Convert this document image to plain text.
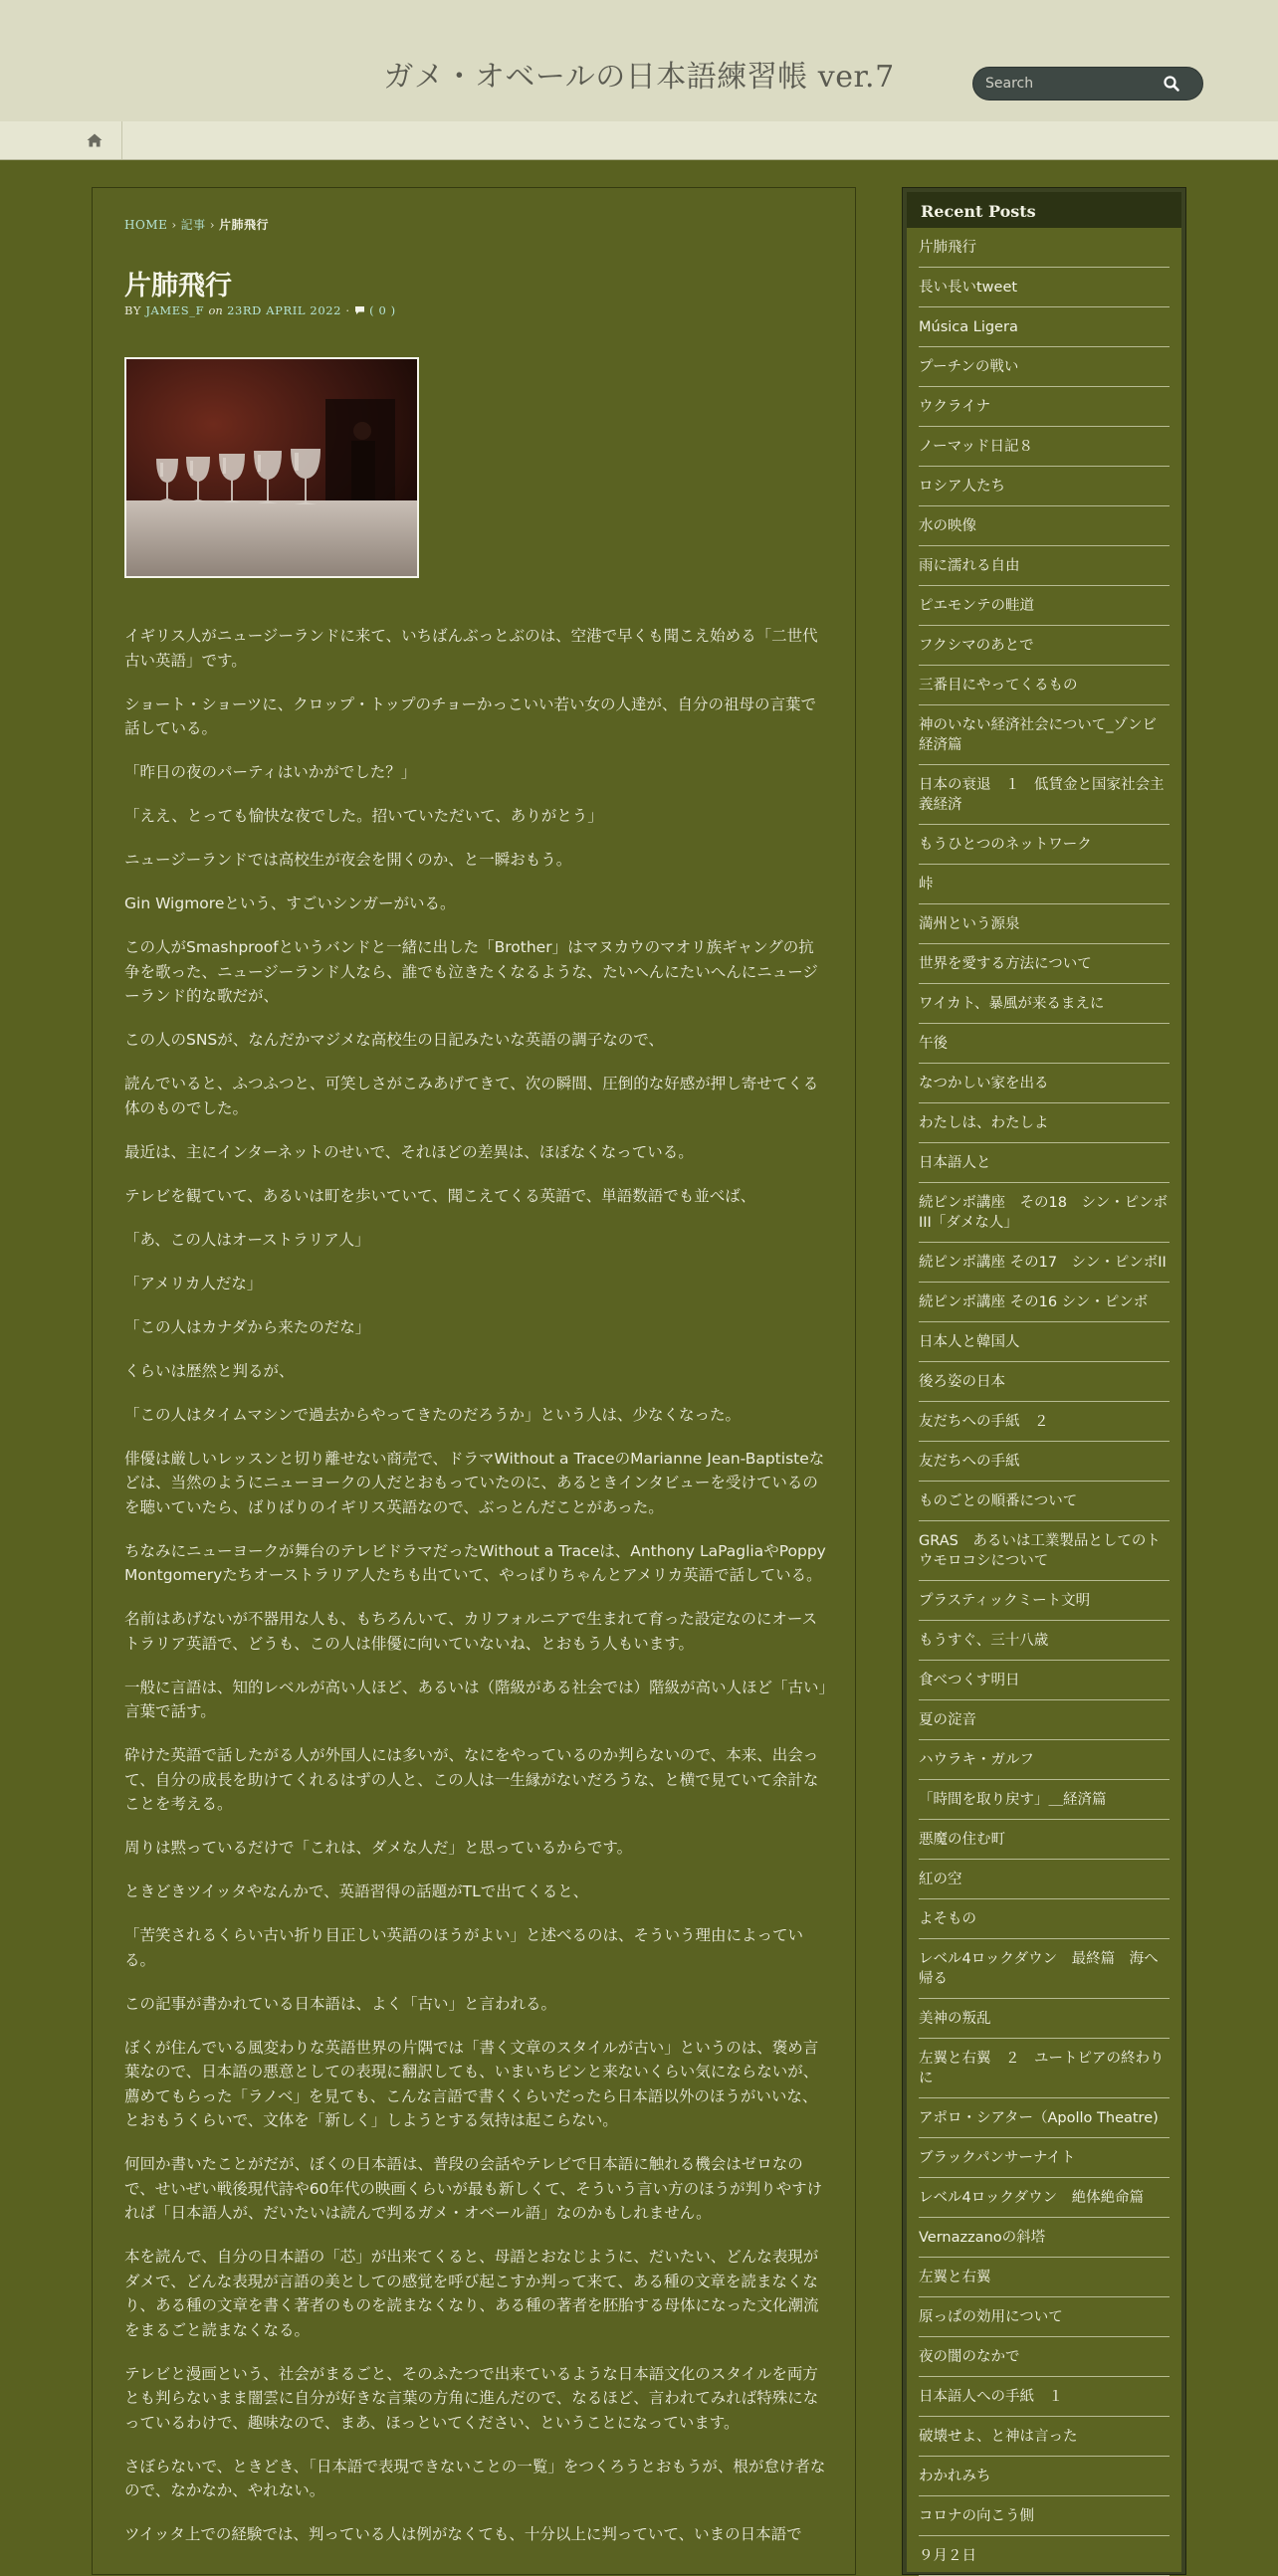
ガメ・オベールの日本語練習帳 ver.7
Search
HOME › 記事 › 片肺飛行
片肺飛行
BY JAMES_F on 23RD APRIL 2022 · ( 0 )

イギリス人がニュージーランドに来て、いちばんぶっとぶのは、空港で早くも聞こえ始める「二世代古い英語」です。

ショート・ショーツに、クロップ・トップのチョーかっこいい若い女の人達が、自分の祖母の言葉で話している。

「昨日の夜のパーティはいかがでした？」

「ええ、とっても愉快な夜でした。招いていただいて、ありがとう」

ニュージーランドでは高校生が夜会を開くのか、と一瞬おもう。

Gin Wigmoreという、すごいシンガーがいる。

この人がSmashproofというバンドと一緒に出した「Brother」はマヌカウのマオリ族ギャングの抗争を歌った、ニュージーランド人なら、誰でも泣きたくなるような、たいへんにたいへんにニュージーランド的な歌だが、

この人のSNSが、なんだかマジメな高校生の日記みたいな英語の調子なので、

読んでいると、ふつふつと、可笑しさがこみあげてきて、次の瞬間、圧倒的な好感が押し寄せてくる体のものでした。

最近は、主にインターネットのせいで、それほどの差異は、ほぼなくなっている。

テレビを観ていて、あるいは町を歩いていて、聞こえてくる英語で、単語数語でも並べば、

「あ、この人はオーストラリア人」

「アメリカ人だな」

「この人はカナダから来たのだな」

くらいは歴然と判るが、

「この人はタイムマシンで過去からやってきたのだろうか」という人は、少なくなった。

俳優は厳しいレッスンと切り離せない商売で、ドラマWithout a TraceのMarianne Jean-Baptisteなどは、当然のようにニューヨークの人だとおもっていたのに、あるときインタビューを受けているのを聴いていたら、ばりばりのイギリス英語なので、ぶっとんだことがあった。

ちなみにニューヨークが舞台のテレビドラマだったWithout a Traceは、Anthony LaPagliaやPoppy Montgomeryたちオーストラリア人たちも出ていて、やっぱりちゃんとアメリカ英語で話している。

名前はあげないが不器用な人も、もちろんいて、カリフォルニアで生まれて育った設定なのにオーストラリア英語で、どうも、この人は俳優に向いていないね、とおもう人もいます。

一般に言語は、知的レベルが高い人ほど、あるいは（階級がある社会では）階級が高い人ほど「古い」言葉で話す。

砕けた英語で話したがる人が外国人には多いが、なにをやっているのか判らないので、本来、出会って、自分の成長を助けてくれるはずの人と、この人は一生縁がないだろうな、と横で見ていて余計なことを考える。

周りは黙っているだけで「これは、ダメな人だ」と思っているからです。

ときどきツイッタやなんかで、英語習得の話題がTLで出てくると、

「苦笑されるくらい古い折り目正しい英語のほうがよい」と述べるのは、そういう理由によっている。

この記事が書かれている日本語は、よく「古い」と言われる。

ぼくが住んでいる風変わりな英語世界の片隅では「書く文章のスタイルが古い」というのは、褒め言葉なので、日本語の悪意としての表現に翻訳しても、いまいちピンと来ないくらい気にならないが、薦めてもらった「ラノベ」を見ても、こんな言語で書くくらいだったら日本語以外のほうがいいな、とおもうくらいで、文体を「新しく」しようとする気持は起こらない。

何回か書いたことがだが、ぼくの日本語は、普段の会話やテレビで日本語に触れる機会はゼロなので、せいぜい戦後現代詩や60年代の映画くらいが最も新しくて、そういう言い方のほうが判りやすければ「日本語人が、だいたいは読んで判るガメ・オベール語」なのかもしれません。

本を読んで、自分の日本語の「芯」が出来てくると、母語とおなじように、だいたい、どんな表現がダメで、どんな表現が言語の美としての感覚を呼び起こすか判って来て、ある種の文章を読まなくなり、ある種の文章を書く著者のものを読まなくなり、ある種の著者を胚胎する母体になった文化潮流をまるごと読まなくなる。

テレビと漫画という、社会がまるごと、そのふたつで出来ているような日本語文化のスタイルを両方とも判らないまま闇雲に自分が好きな言葉の方角に進んだので、なるほど、言われてみれば特殊になっているわけで、趣味なので、まあ、ほっといてください、ということになっています。

さぼらないで、ときどき、「日本語で表現できないことの一覧」をつくろうとおもうが、根が怠け者なので、なかなか、やれない。

ツイッタ上での経験では、判っている人は例がなくても、十分以上に判っていて、いまの日本語で

Recent Posts
片肺飛行
長い長いtweet
Música Ligera
プーチンの戦い
ウクライナ
ノーマッド日記８
ロシア人たち
水の映像
雨に濡れる自由
ピエモンテの畦道
フクシマのあとで
三番目にやってくるもの
神のいない経済社会について_ゾンビ経済篇
日本の衰退　１　低賃金と国家社会主義経済
もうひとつのネットワーク
峠
満州という源泉
世界を愛する方法について
ワイカト、暴風が来るまえに
午後
なつかしい家を出る
わたしは、わたしよ
日本語人と
続ピンボ講座　その18　シン・ピンボIII「ダメな人」
続ピンボ講座 その17　シン・ピンボII
続ピンボ講座 その16 シン・ピンボ
日本人と韓国人
後ろ姿の日本
友だちへの手紙　２
友だちへの手紙
ものごとの順番について
GRAS　あるいは工業製品としてのトウモロコシについて
プラスティックミート文明
もうすぐ、三十八歳
食べつくす明日
夏の淀音
ハウラキ・ガルフ
「時間を取り戻す」＿経済篇
悪魔の住む町
紅の空
よそもの
レベル4ロックダウン　最終篇　海へ帰る
美神の叛乱
左翼と右翼　２　ユートピアの終わりに
アポロ・シアター（Apollo Theatre)
ブラックパンサーナイト
レベル4ロックダウン　絶体絶命篇
Vernazzanoの斜塔
左翼と右翼
原っぱの効用について
夜の闇のなかで
日本語人への手紙　１
破壊せよ、と神は言った
わかれみち
コロナの向こう側
９月２日
